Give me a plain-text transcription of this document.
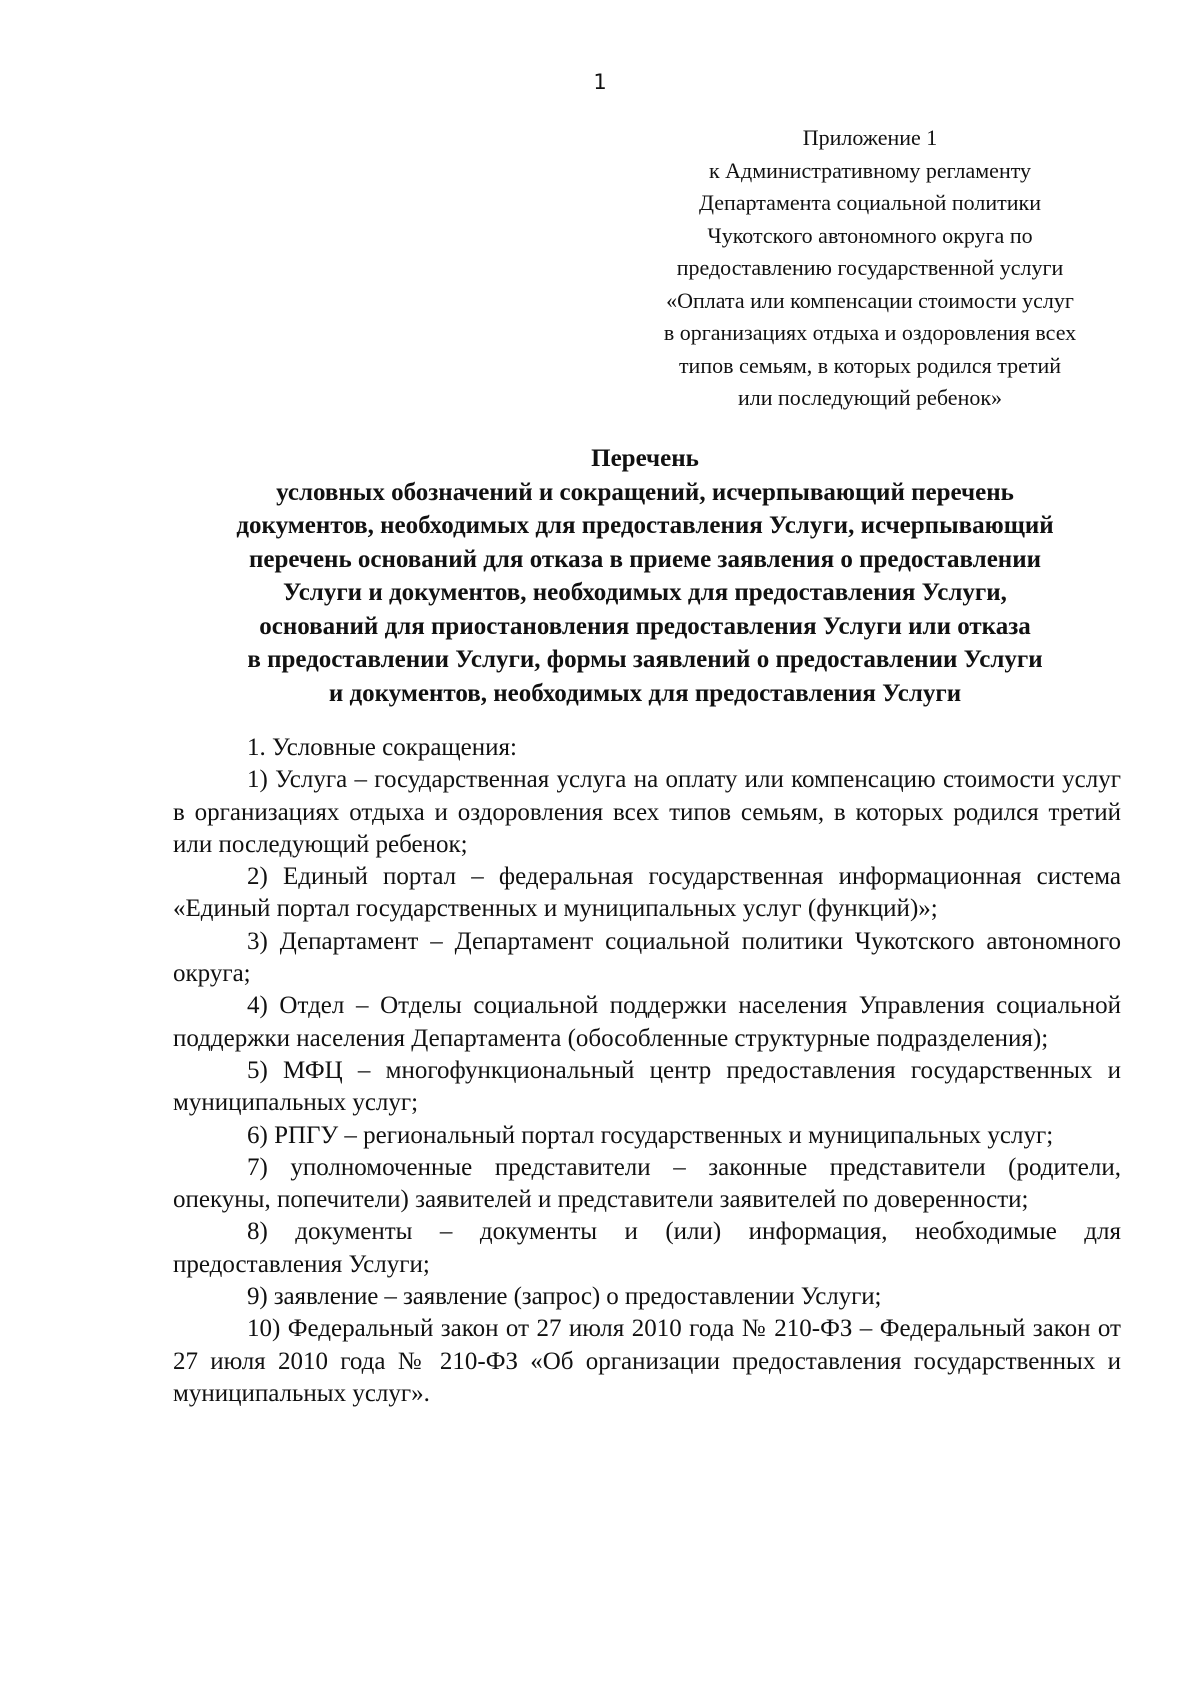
1
Приложение 1
к Административному регламенту
Департамента социальной политики
Чукотского автономного округа по
предоставлению государственной услуги
«Оплата или компенсации стоимости услуг
в организациях отдыха и оздоровления всех
типов семьям, в которых родился третий
или последующий ребенок»
Перечень
условных обозначений и сокращений, исчерпывающий перечень
документов, необходимых для предоставления Услуги, исчерпывающий
перечень оснований для отказа в приеме заявления о предоставлении
Услуги и документов, необходимых для предоставления Услуги,
оснований для приостановления предоставления Услуги или отказа
в предоставлении Услуги, формы заявлений о предоставлении Услуги
и документов, необходимых для предоставления Услуги

1. Условные сокращения:

1) Услуга – государственная услуга на оплату или компенсацию стоимости услуг в организациях отдыха и оздоровления всех типов семьям, в которых родился третий или последующий ребенок;

2) Единый портал – федеральная государственная информационная система «Единый портал государственных и муниципальных услуг (функций)»;

3) Департамент – Департамент социальной политики Чукотского автономного округа;

4) Отдел – Отделы социальной поддержки населения Управления социальной поддержки населения Департамента (обособленные структурные подразделения);

5) МФЦ – многофункциональный центр предоставления государственных и муниципальных услуг;

6) РПГУ – региональный портал государственных и муниципальных услуг;

7) уполномоченные представители – законные представители (родители, опекуны, попечители) заявителей и представители заявителей по доверенности;

8) документы – документы и (или) информация, необходимые для предоставления Услуги;

9) заявление – заявление (запрос) о предоставлении Услуги;

10) Федеральный закон от 27 июля 2010 года № 210-ФЗ – Федеральный закон от 27 июля 2010 года № 210-ФЗ «Об организации предоставления государственных и муниципальных услуг».
